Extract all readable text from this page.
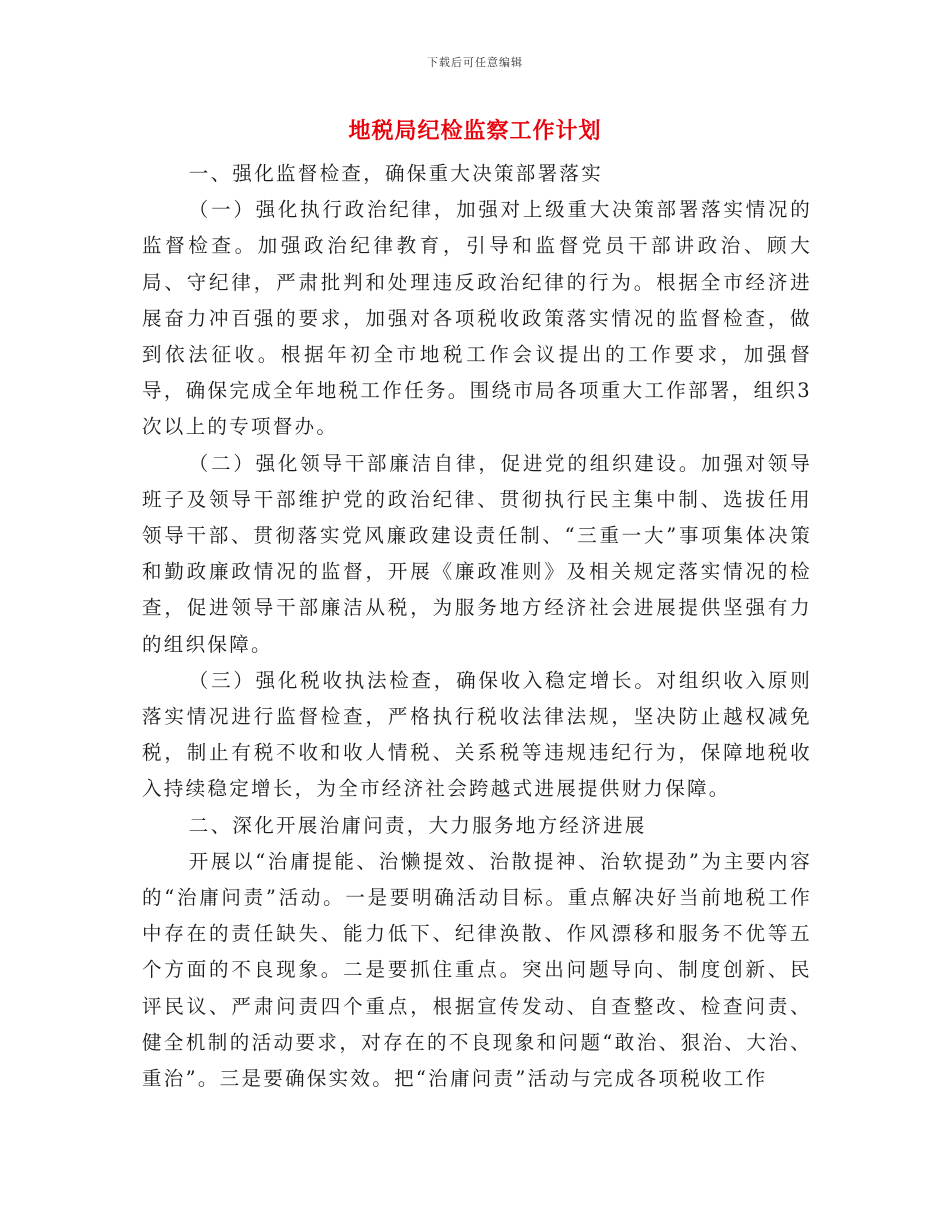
下载后可任意编辑
地税局纪检监察工作计划

一、强化监督检查，确保重大决策部署落实

（一）强化执行政治纪律，加强对上级重大决策部署落实情况的监督检查。加强政治纪律教育，引导和监督党员干部讲政治、顾大局、守纪律，严肃批判和处理违反政治纪律的行为。根据全市经济进展奋力冲百强的要求，加强对各项税收政策落实情况的监督检查，做到依法征收。根据年初全市地税工作会议提出的工作要求，加强督导，确保完成全年地税工作任务。围绕市局各项重大工作部署，组织3次以上的专项督办。

（二）强化领导干部廉洁自律，促进党的组织建设。加强对领导班子及领导干部维护党的政治纪律、贯彻执行民主集中制、选拔任用领导干部、贯彻落实党风廉政建设责任制、“三重一大”事项集体决策和勤政廉政情况的监督，开展《廉政准则》及相关规定落实情况的检查，促进领导干部廉洁从税，为服务地方经济社会进展提供坚强有力的组织保障。

（三）强化税收执法检查，确保收入稳定增长。对组织收入原则落实情况进行监督检查，严格执行税收法律法规，坚决防止越权减免税，制止有税不收和收人情税、关系税等违规违纪行为，保障地税收入持续稳定增长，为全市经济社会跨越式进展提供财力保障。

二、深化开展治庸问责，大力服务地方经济进展

开展以“治庸提能、治懒提效、治散提神、治软提劲”为主要内容的“治庸问责”活动。一是要明确活动目标。重点解决好当前地税工作中存在的责任缺失、能力低下、纪律涣散、作风漂移和服务不优等五个方面的不良现象。二是要抓住重点。突出问题导向、制度创新、民评民议、严肃问责四个重点，根据宣传发动、自查整改、检查问责、健全机制的活动要求，对存在的不良现象和问题“敢治、狠治、大治、重治”。三是要确保实效。把“治庸问责”活动与完成各项税收工作
